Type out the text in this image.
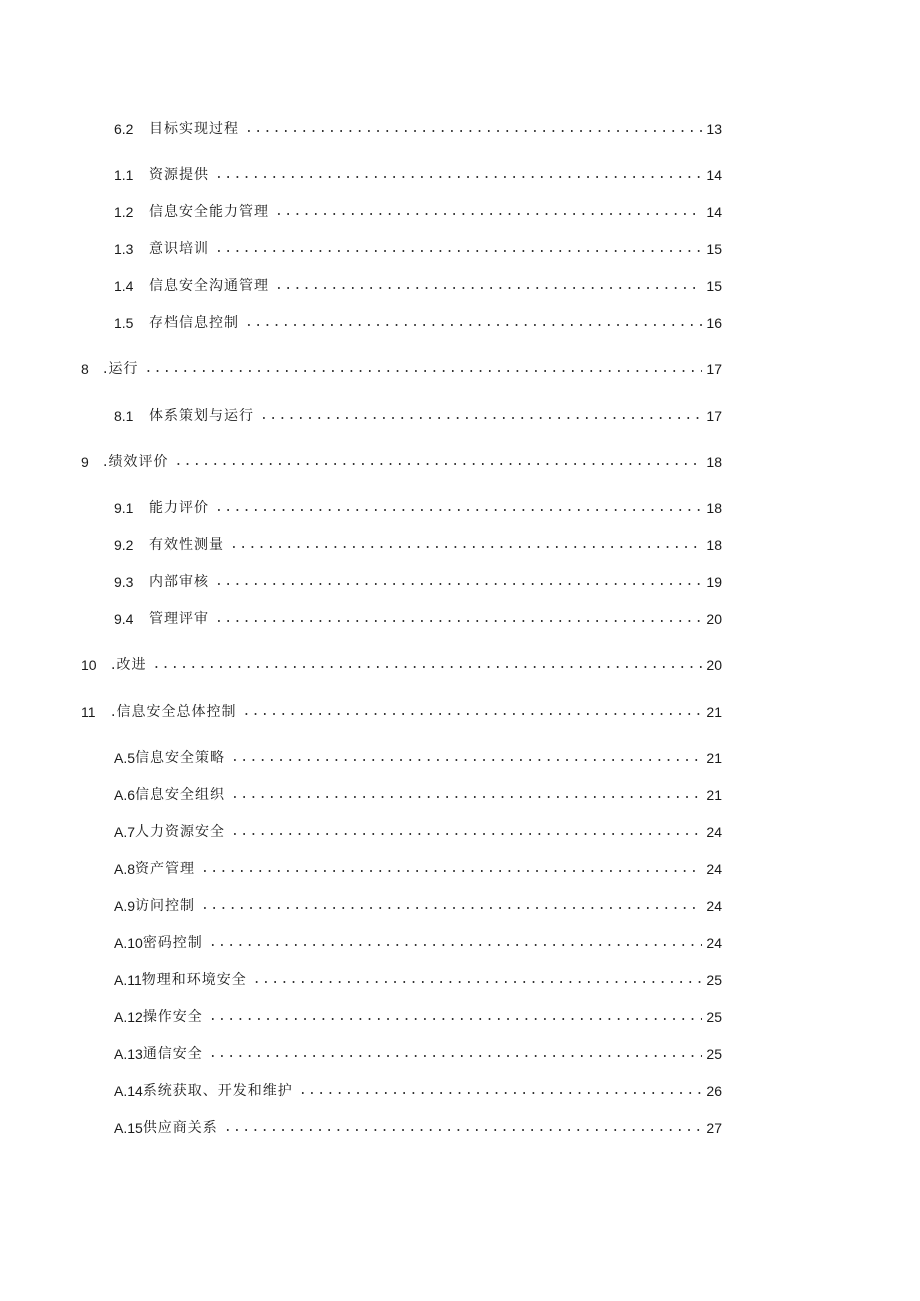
6.2	目标实现过程 .....	13
1.1	资源提供 .....	14
1.2	信息安全能力管理 .....	14
1.3	意识培训 .....	15
1.4	信息安全沟通管理 .....	15
1.5	存档信息控制 .....	16
8	.运行 .....	17
8.1	体系策划与运行 .....	17
9	.绩效评价 .....	18
9.1	能力评价 .....	18
9.2	有效性测量 .....	18
9.3	内部审核 .....	19
9.4	管理评审 .....	20
10	.改进 .....	20
11	.信息安全总体控制 .....	21
A.5 信息安全策略 .....	21
A.6 信息安全组织 .....	21
A.7 人力资源安全 .....	24
A.8 资产管理 .....	24
A.9 访问控制 .....	24
A.10 密码控制 .....	24
A.11 物理和环境安全 .....	25
A.12 操作安全 .....	25
A.13 通信安全 .....	25
A.14 系统获取、开发和维护 .....	26
A.15 供应商关系 .....	27
